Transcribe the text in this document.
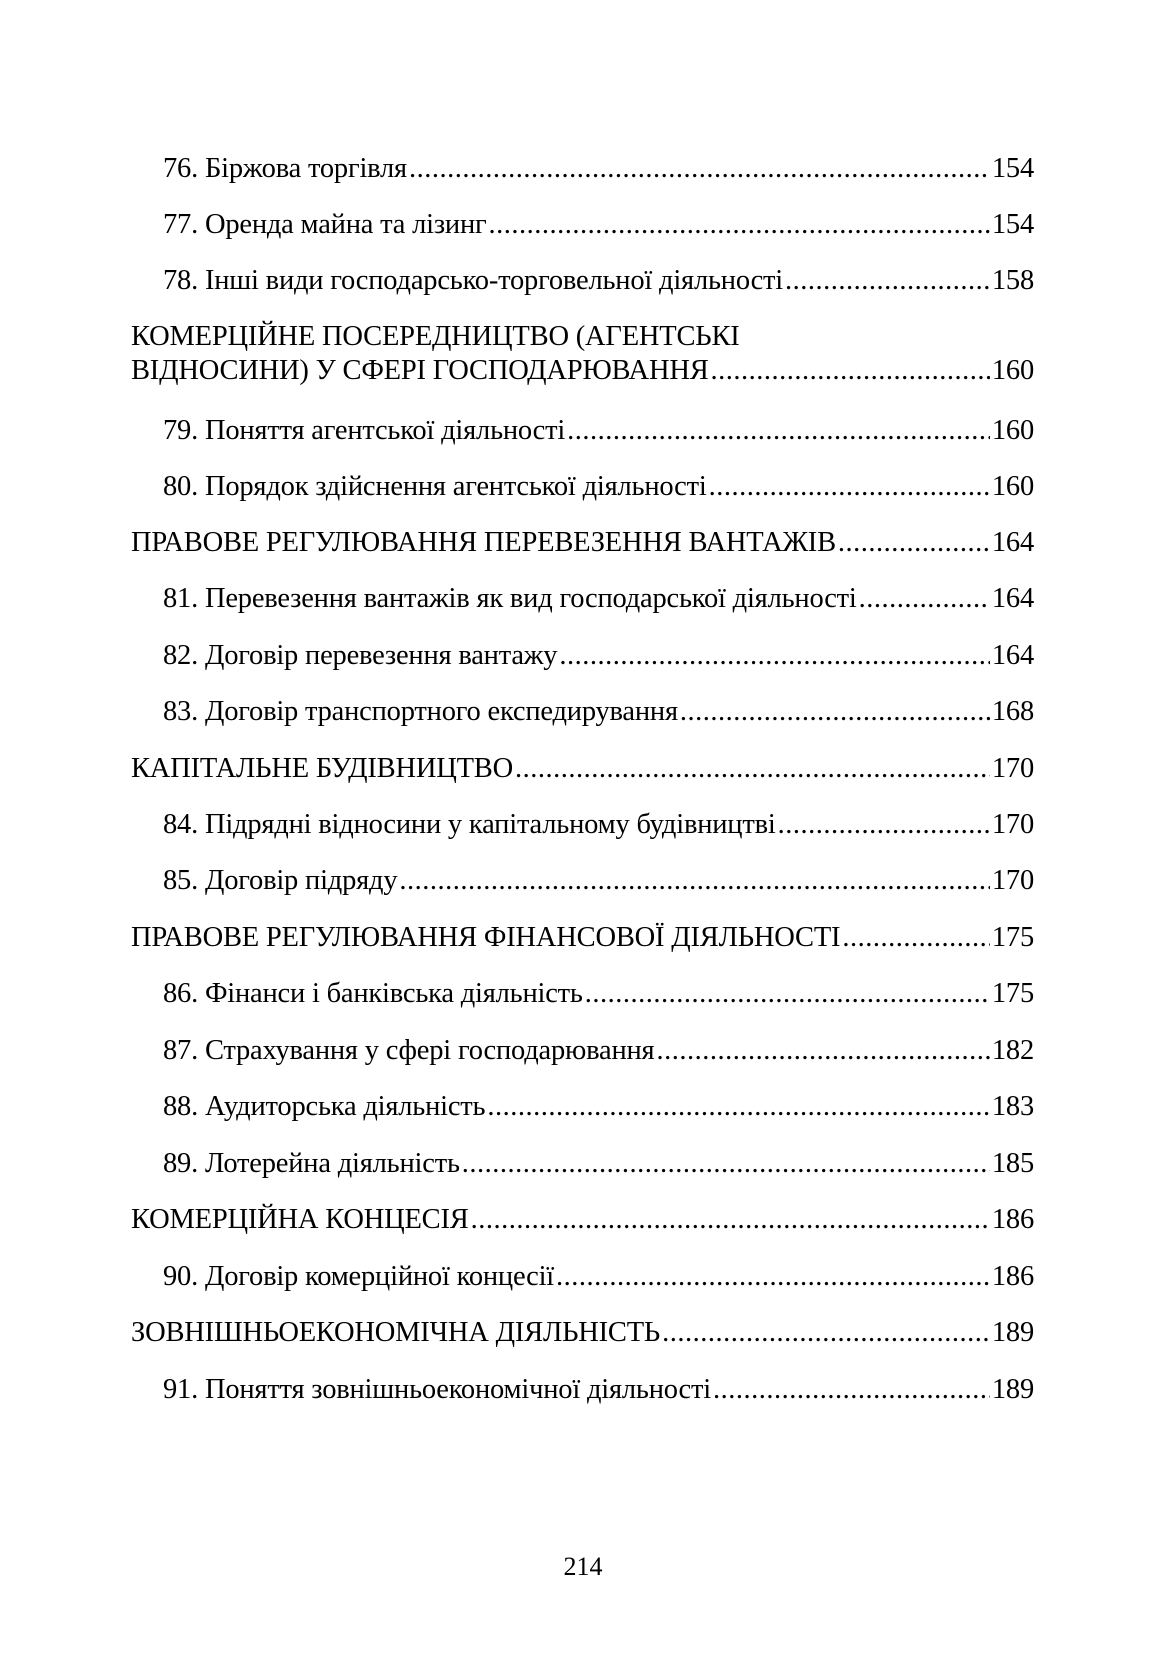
76. Біржова торгівля .....	154
77. Оренда майна та лізинг .....	154
78. Інші види господарсько-торговельної діяльності .....	158
КОМЕРЦІЙНЕ ПОСЕРЕДНИЦТВО (АГЕНТСЬКІ
ВІДНОСИНИ) У СФЕРІ ГОСПОДАРЮВАННЯ .....	160
79. Поняття агентської діяльності .....	160
80. Порядок здійснення агентської діяльності .....	160
ПРАВОВЕ РЕГУЛЮВАННЯ ПЕРЕВЕЗЕННЯ ВАНТАЖІВ .....	164
81. Перевезення вантажів як вид господарської діяльності .....	164
82. Договір перевезення вантажу .....	164
83. Договір транспортного експедирування .....	168
КАПІТАЛЬНЕ БУДІВНИЦТВО .....	170
84. Підрядні відносини у капітальному будівництві .....	170
85. Договір підряду .....	170
ПРАВОВЕ РЕГУЛЮВАННЯ ФІНАНСОВОЇ ДІЯЛЬНОСТІ .....	175
86. Фінанси і банківська діяльність .....	175
87. Страхування у сфері господарювання .....	182
88. Аудиторська діяльність .....	183
89. Лотерейна діяльність .....	185
КОМЕРЦІЙНА КОНЦЕСІЯ .....	186
90. Договір комерційної концесії .....	186
ЗОВНІШНЬОЕКОНОМІЧНА ДІЯЛЬНІСТЬ .....	189
91. Поняття зовнішньоекономічної діяльності .....	189
214
